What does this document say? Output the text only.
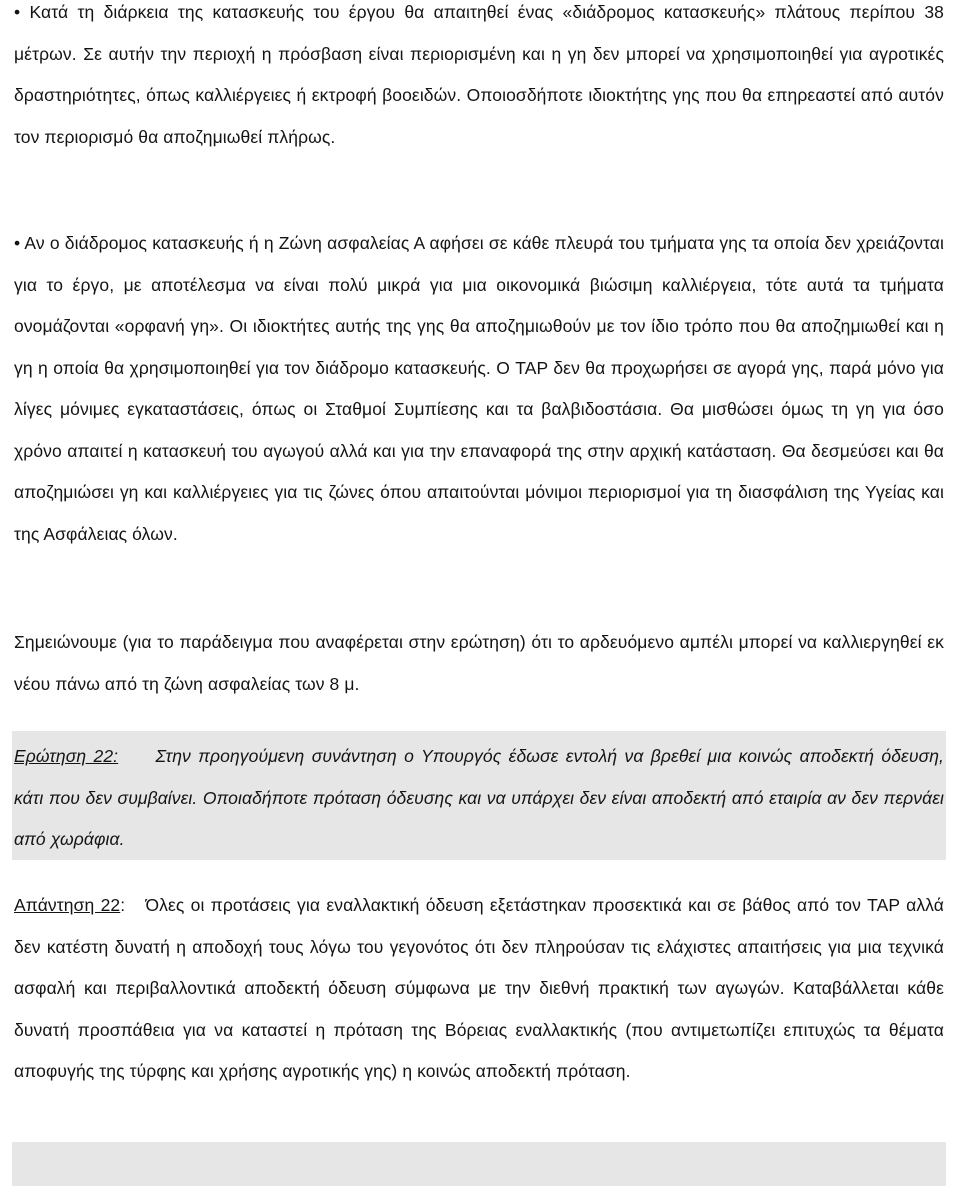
• Κατά τη διάρκεια της κατασκευής του έργου θα απαιτηθεί ένας «διάδρομος κατασκευής» πλάτους περίπου 38 μέτρων. Σε αυτήν την περιοχή η πρόσβαση είναι περιορισμένη και η γη δεν μπορεί να χρησιμοποιηθεί για αγροτικές δραστηριότητες, όπως καλλιέργειες ή εκτροφή βοοειδών. Οποιοσδήποτε ιδιοκτήτης γης που θα επηρεαστεί από αυτόν τον περιορισμό θα αποζημιωθεί πλήρως.

• Αν ο διάδρομος κατασκευής ή η Ζώνη ασφαλείας Α αφήσει σε κάθε πλευρά του τμήματα γης τα οποία δεν χρειάζονται για το έργο, με αποτέλεσμα να είναι πολύ μικρά για μια οικονομικά βιώσιμη καλλιέργεια, τότε αυτά τα τμήματα ονομάζονται «ορφανή γη». Οι ιδιοκτήτες αυτής της γης θα αποζημιωθούν με τον ίδιο τρόπο που θα αποζημιωθεί και η γη η οποία θα χρησιμοποιηθεί για τον διάδρομο κατασκευής. Ο TAP δεν θα προχωρήσει σε αγορά γης, παρά μόνο για λίγες μόνιμες εγκαταστάσεις, όπως οι Σταθμοί Συμπίεσης και τα βαλβιδοστάσια. Θα μισθώσει όμως τη γη για όσο χρόνο απαιτεί η κατασκευή του αγωγού αλλά και για την επαναφορά της στην αρχική κατάσταση. Θα δεσμεύσει και θα αποζημιώσει γη και καλλιέργειες για τις ζώνες όπου απαιτούνται μόνιμοι περιορισμοί για τη διασφάλιση της Υγείας και της Ασφάλειας όλων.

Σημειώνουμε (για το παράδειγμα που αναφέρεται στην ερώτηση) ότι το αρδευόμενο αμπέλι μπορεί να καλλιεργηθεί εκ νέου πάνω από τη ζώνη ασφαλείας των 8 μ.

Ερώτηση 22: Στην προηγούμενη συνάντηση ο Υπουργός έδωσε εντολή να βρεθεί μια κοινώς αποδεκτή όδευση, κάτι που δεν συμβαίνει. Οποιαδήποτε πρόταση όδευσης και να υπάρχει δεν είναι αποδεκτή από εταιρία αν δεν περνάει από χωράφια.

Απάντηση 22: Όλες οι προτάσεις για εναλλακτική όδευση εξετάστηκαν προσεκτικά και σε βάθος από τον TAP αλλά δεν κατέστη δυνατή η αποδοχή τους λόγω του γεγονότος ότι δεν πληρούσαν τις ελάχιστες απαιτήσεις για μια τεχνικά ασφαλή και περιβαλλοντικά αποδεκτή όδευση σύμφωνα με την διεθνή πρακτική των αγωγών. Καταβάλλεται κάθε δυνατή προσπάθεια για να καταστεί η πρόταση της Βόρειας εναλλακτικής (που αντιμετωπίζει επιτυχώς τα θέματα αποφυγής της τύρφης και χρήσης αγροτικής γης) η κοινώς αποδεκτή πρόταση.
